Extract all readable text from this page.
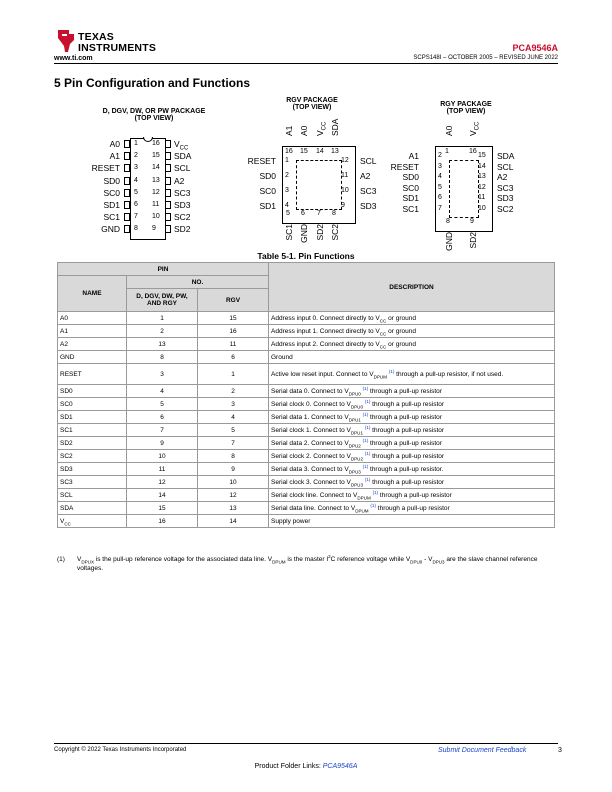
TEXAS
INSTRUMENTS
www.ti.com
PCA9546A
SCPS148I – OCTOBER 2005 – REVISED JUNE 2022
5 Pin Configuration and Functions
D, DGV, DW, OR PW PACKAGE
(TOP VIEW)
A0 1
A1 2
RESET 3
SD0 4
SC0 5
SD1 6
SC1 7
GND 8
16 $V_{CC}$
15 SDA
14 SCL
13 A2
12 SC3
11 SD3
10 SC2
9 SD2
RGV PACKAGE
(TOP VIEW)
A1
16
A0
15
$V_{CC}$
14
SDA
13
RESET 1
SD0 2
SC0 3
SD1 4
12 SCL
11 A2
10 SC3
9 SD3
5
SC1
6
GND
7
SD2
8
SC2
RGY PACKAGE
(TOP VIEW)
A0
1
$V_{CC}$
16
A1	2
RESET	3
SD0	4
SC0	5
SD1	6
SC1	7
15 SDA
14 SCL
13 A2
12 SC3
11 SD3
10 SC2
8
GND
9
SD2
Table 5-1. Pin Functions
PIN			DESCRIPTION
NAME	NO.		
	D, DGV, DW, PW, AND RGY	RGV	
A0	1	15	Address input 0. Connect directly to $V_{CC}$ or ground
A1	2	16	Address input 1. Connect directly to $V_{CC}$ or ground
A2	13	11	Address input 2. Connect directly to $V_{CC}$ or ground
GND	8	6	Ground
RESET	3	1	Active low reset input. Connect to $V_{DPUM}$ $^{(1)}$ through a pull-up resistor, if not used.
SD0	4	2	Serial data 0. Connect to $V_{DPU0}$ $^{(1)}$ through a pull-up resistor
SC0	5	3	Serial clock 0. Connect to $V_{DPU0}$ $^{(1)}$ through a pull-up resistor
SD1	6	4	Serial data 1. Connect to $V_{DPU1}$ $^{(1)}$ through a pull-up resistor
SC1	7	5	Serial clock 1. Connect to $V_{DPU1}$ $^{(1)}$ through a pull-up resistor
SD2	9	7	Serial data 2. Connect to $V_{DPU2}$ $^{(1)}$ through a pull-up resistor
SC2	10	8	Serial clock 2. Connect to $V_{DPU2}$ $^{(1)}$ through a pull-up resistor
SD3	11	9	Serial data 3. Connect to $V_{DPU3}$ $^{(1)}$ through a pull-up resistor.
SC3	12	10	Serial clock 3. Connect to $V_{DPU3}$ $^{(1)}$ through a pull-up resistor
SCL	14	12	Serial clock line. Connect to $V_{DPUM}$ $^{(1)}$ through a pull-up resistor
SDA	15	13	Serial data line. Connect to $V_{DPUM}$ $^{(1)}$ through a pull-up resistor
$V_{CC}$	16	14	Supply power
(1) $V_{DPUX}$ is the pull-up reference voltage for the associated data line. $V_{DPUM}$ is the master $I^2C$ reference voltage while $V_{DPU0} - V_{DPU3}$ are the slave channel reference voltages.
Copyright © 2022 Texas Instruments Incorporated	Submit Document Feedback	3
Product Folder Links: PCA9546A
